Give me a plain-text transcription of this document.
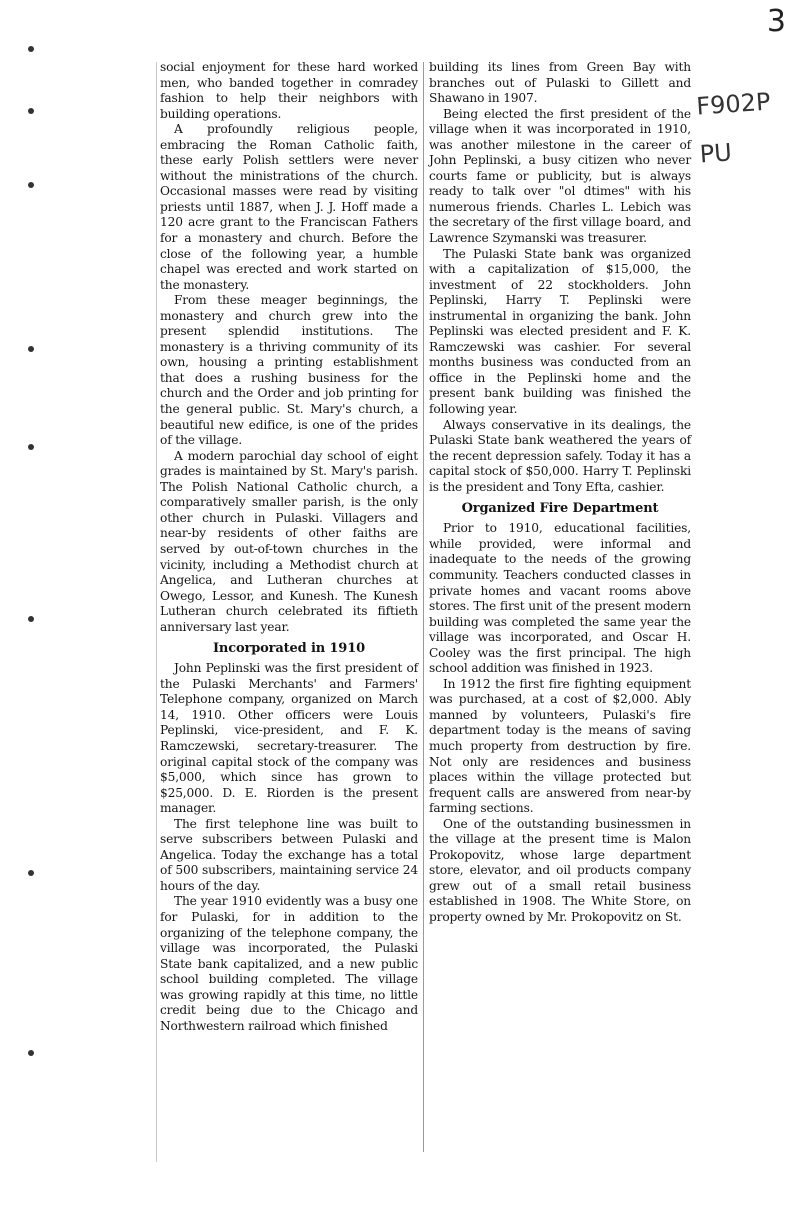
3
F902P
PU

social enjoyment for these hard worked men, who banded together in comradey fashion to help their neighbors with building operations.

A profoundly religious people, embracing the Roman Catholic faith, these early Polish settlers were never without the ministrations of the church. Occasional masses were read by visiting priests until 1887, when J. J. Hoff made a 120 acre grant to the Franciscan Fathers for a monastery and church. Before the close of the following year, a humble chapel was erected and work started on the monastery.

From these meager beginnings, the monastery and church grew into the present splendid institutions. The monastery is a thriving community of its own, housing a printing establishment that does a rushing business for the church and the Order and job printing for the general public. St. Mary's church, a beautiful new edifice, is one of the prides of the village.

A modern parochial day school of eight grades is maintained by St. Mary's parish. The Polish National Catholic church, a comparatively smaller parish, is the only other church in Pulaski. Villagers and near-by residents of other faiths are served by out-of-town churches in the vicinity, including a Methodist church at Angelica, and Lutheran churches at Owego, Lessor, and Kunesh. The Kunesh Lutheran church celebrated its fiftieth anniversary last year.

Incorporated in 1910

John Peplinski was the first president of the Pulaski Merchants' and Farmers' Telephone company, organized on March 14, 1910. Other officers were Louis Peplinski, vice-president, and F. K. Ramczewski, secretary-treasurer. The original capital stock of the company was $5,000, which since has grown to $25,000. D. E. Riorden is the present manager.

The first telephone line was built to serve subscribers between Pulaski and Angelica. Today the exchange has a total of 500 subscribers, maintaining service 24 hours of the day.

The year 1910 evidently was a busy one for Pulaski, for in addition to the organizing of the telephone company, the village was incorporated, the Pulaski State bank capitalized, and a new public school building completed. The village was growing rapidly at this time, no little credit being due to the Chicago and Northwestern railroad which finished

building its lines from Green Bay with branches out of Pulaski to Gillett and Shawano in 1907.

Being elected the first president of the village when it was incorporated in 1910, was another milestone in the career of John Peplinski, a busy citizen who never courts fame or publicity, but is always ready to talk over "ol dtimes" with his numerous friends. Charles L. Lebich was the secretary of the first village board, and Lawrence Szymanski was treasurer.

The Pulaski State bank was organized with a capitalization of $15,000, the investment of 22 stockholders. John Peplinski, Harry T. Peplinski were instrumental in organizing the bank. John Peplinski was elected president and F. K. Ramczewski was cashier. For several months business was conducted from an office in the Peplinski home and the present bank building was finished the following year.

Always conservative in its dealings, the Pulaski State bank weathered the years of the recent depression safely. Today it has a capital stock of $50,000. Harry T. Peplinski is the president and Tony Efta, cashier.

Organized Fire Department

Prior to 1910, educational facilities, while provided, were informal and inadequate to the needs of the growing community. Teachers conducted classes in private homes and vacant rooms above stores. The first unit of the present modern building was completed the same year the village was incorporated, and Oscar H. Cooley was the first principal. The high school addition was finished in 1923.

In 1912 the first fire fighting equipment was purchased, at a cost of $2,000. Ably manned by volunteers, Pulaski's fire department today is the means of saving much property from destruction by fire. Not only are residences and business places within the village protected but frequent calls are answered from near-by farming sections.

One of the outstanding businessmen in the village at the present time is Malon Prokopovitz, whose large department store, elevator, and oil products company grew out of a small retail business established in 1908. The White Store, on property owned by Mr. Prokopovitz on St.
